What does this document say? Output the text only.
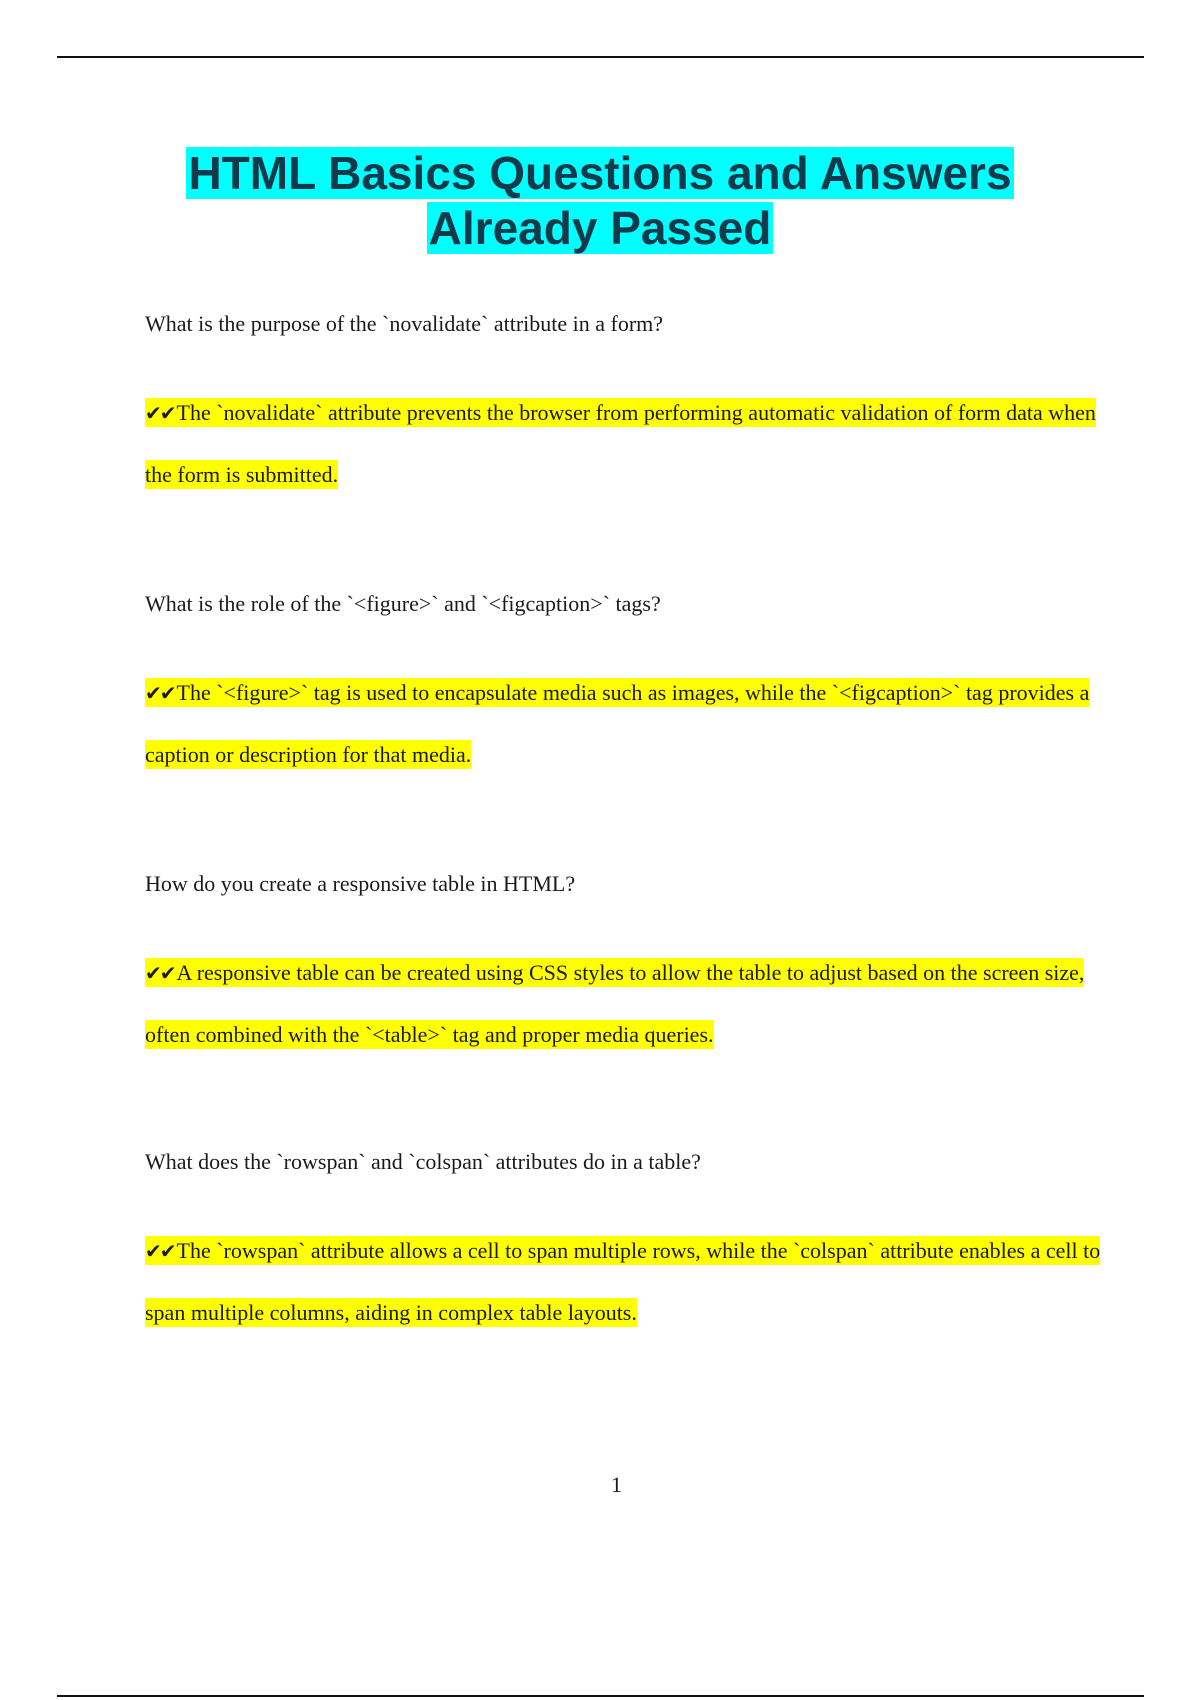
HTML Basics Questions and Answers
Already Passed

What is the purpose of the `novalidate` attribute in a form?

✔✔The `novalidate` attribute prevents the browser from performing automatic validation of form data when the form is submitted.

What is the role of the `<figure>` and `<figcaption>` tags?

✔✔The `<figure>` tag is used to encapsulate media such as images, while the `<figcaption>` tag provides a caption or description for that media.

How do you create a responsive table in HTML?

✔✔A responsive table can be created using CSS styles to allow the table to adjust based on the screen size, often combined with the `<table>` tag and proper media queries.

What does the `rowspan` and `colspan` attributes do in a table?

✔✔The `rowspan` attribute allows a cell to span multiple rows, while the `colspan` attribute enables a cell to span multiple columns, aiding in complex table layouts.

1
